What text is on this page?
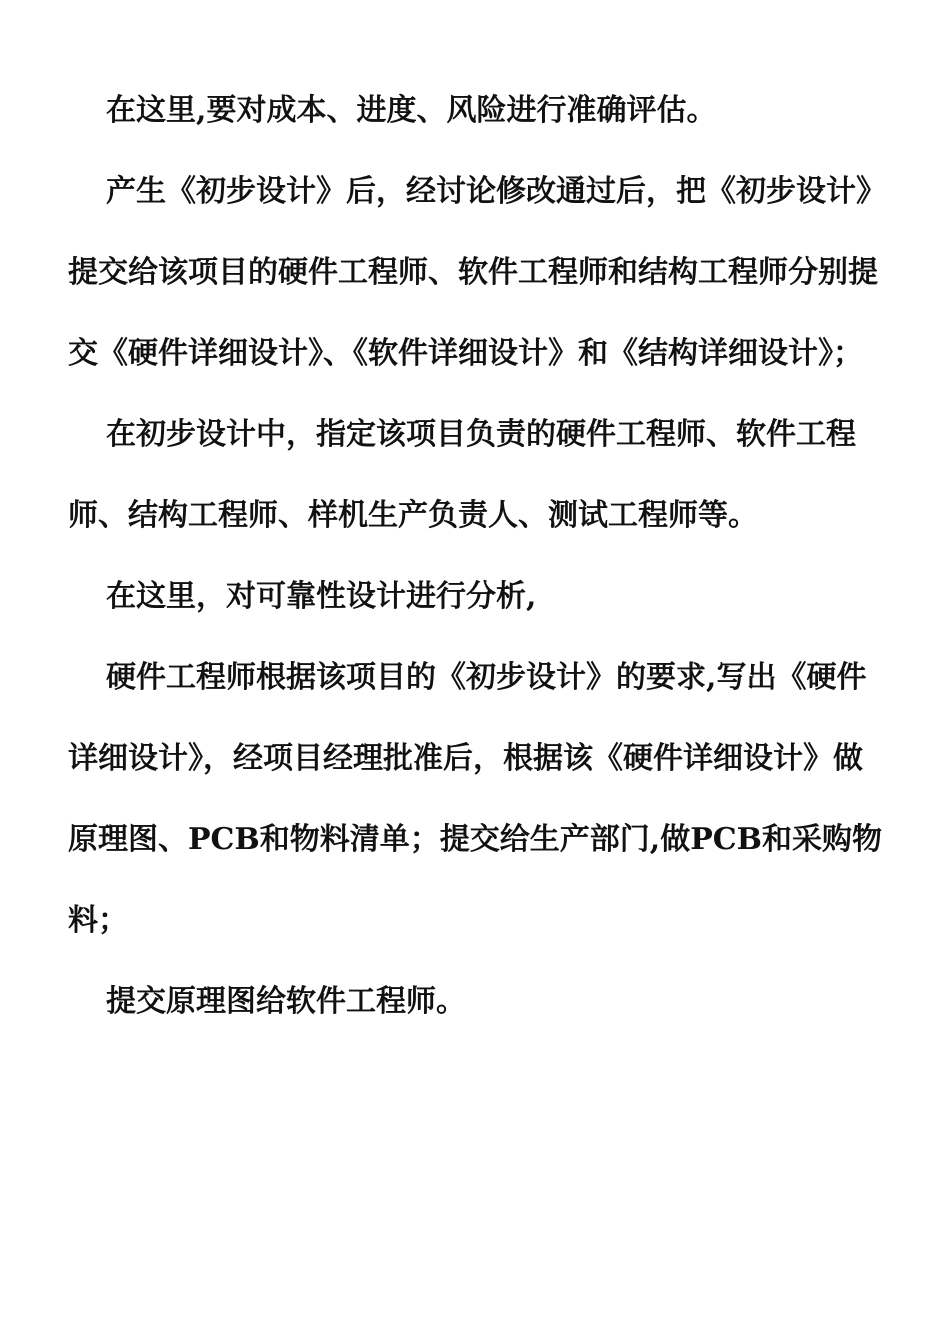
在这里,要对成本、进度、风险进行准确评估。

产生《初步设计》后，经讨论修改通过后，把《初步设计》提交给该项目的硬件工程师、软件工程师和结构工程师分别提交《硬件详细设计》、《软件详细设计》和《结构详细设计》；

在初步设计中，指定该项目负责的硬件工程师、软件工程师、结构工程师、样机生产负责人、测试工程师等。

在这里，对可靠性设计进行分析,

硬件工程师根据该项目的《初步设计》的要求,写出《硬件详细设计》，经项目经理批准后，根据该《硬件详细设计》做原理图、PCB和物料清单；提交给生产部门,做PCB和采购物料；

提交原理图给软件工程师。
